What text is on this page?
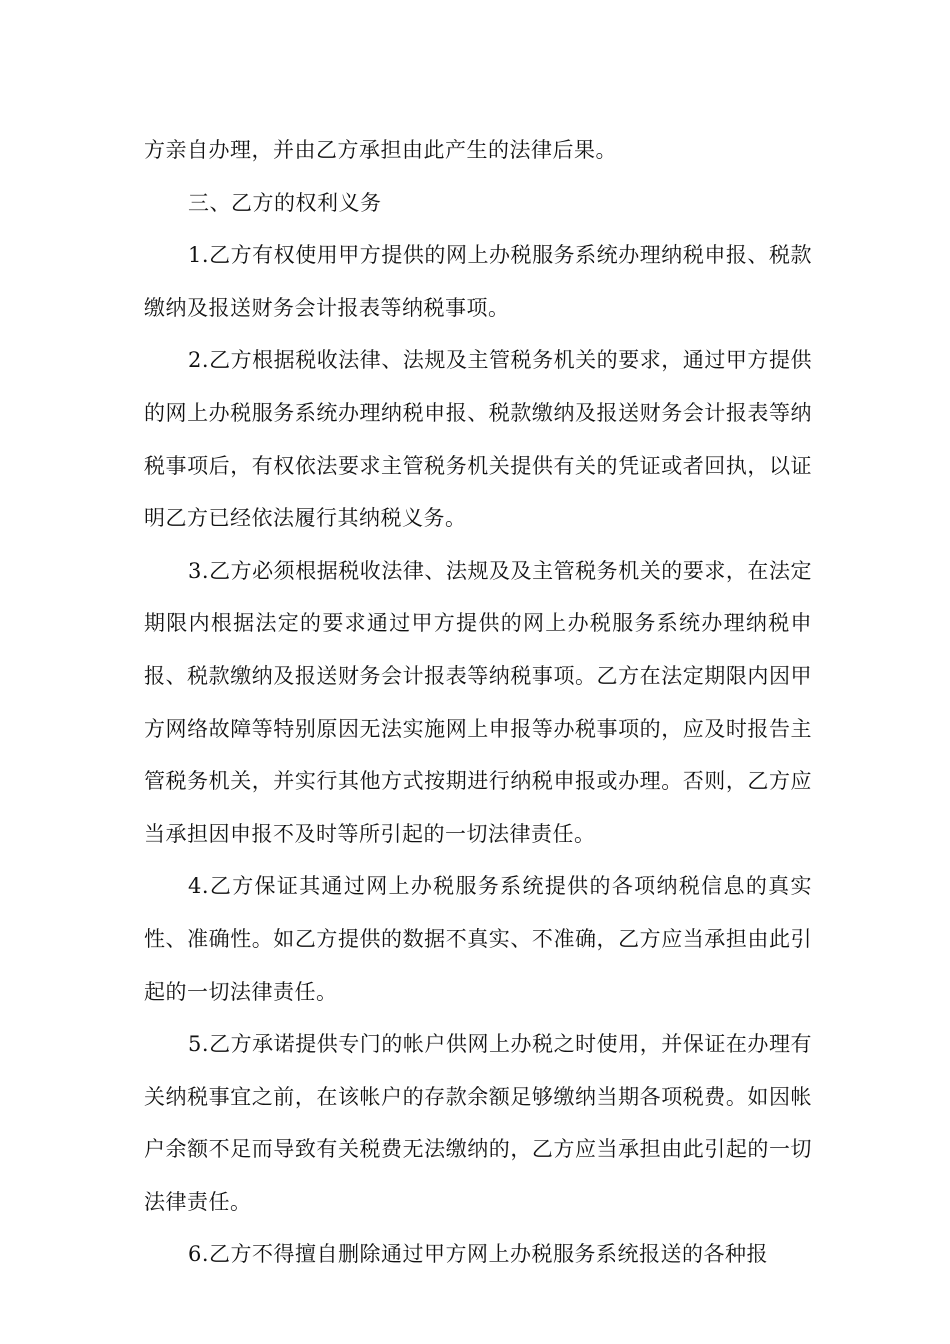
方亲自办理，并由乙方承担由此产生的法律后果。

三、乙方的权利义务

1.乙方有权使用甲方提供的网上办税服务系统办理纳税申报、税款缴纳及报送财务会计报表等纳税事项。

2.乙方根据税收法律、法规及主管税务机关的要求，通过甲方提供的网上办税服务系统办理纳税申报、税款缴纳及报送财务会计报表等纳税事项后，有权依法要求主管税务机关提供有关的凭证或者回执，以证明乙方已经依法履行其纳税义务。

3.乙方必须根据税收法律、法规及及主管税务机关的要求，在法定期限内根据法定的要求通过甲方提供的网上办税服务系统办理纳税申报、税款缴纳及报送财务会计报表等纳税事项。乙方在法定期限内因甲方网络故障等特别原因无法实施网上申报等办税事项的，应及时报告主管税务机关，并实行其他方式按期进行纳税申报或办理。否则，乙方应当承担因申报不及时等所引起的一切法律责任。

4.乙方保证其通过网上办税服务系统提供的各项纳税信息的真实性、准确性。如乙方提供的数据不真实、不准确，乙方应当承担由此引起的一切法律责任。

5.乙方承诺提供专门的帐户供网上办税之时使用，并保证在办理有关纳税事宜之前，在该帐户的存款余额足够缴纳当期各项税费。如因帐户余额不足而导致有关税费无法缴纳的，乙方应当承担由此引起的一切法律责任。

6.乙方不得擅自删除通过甲方网上办税服务系统报送的各种报
